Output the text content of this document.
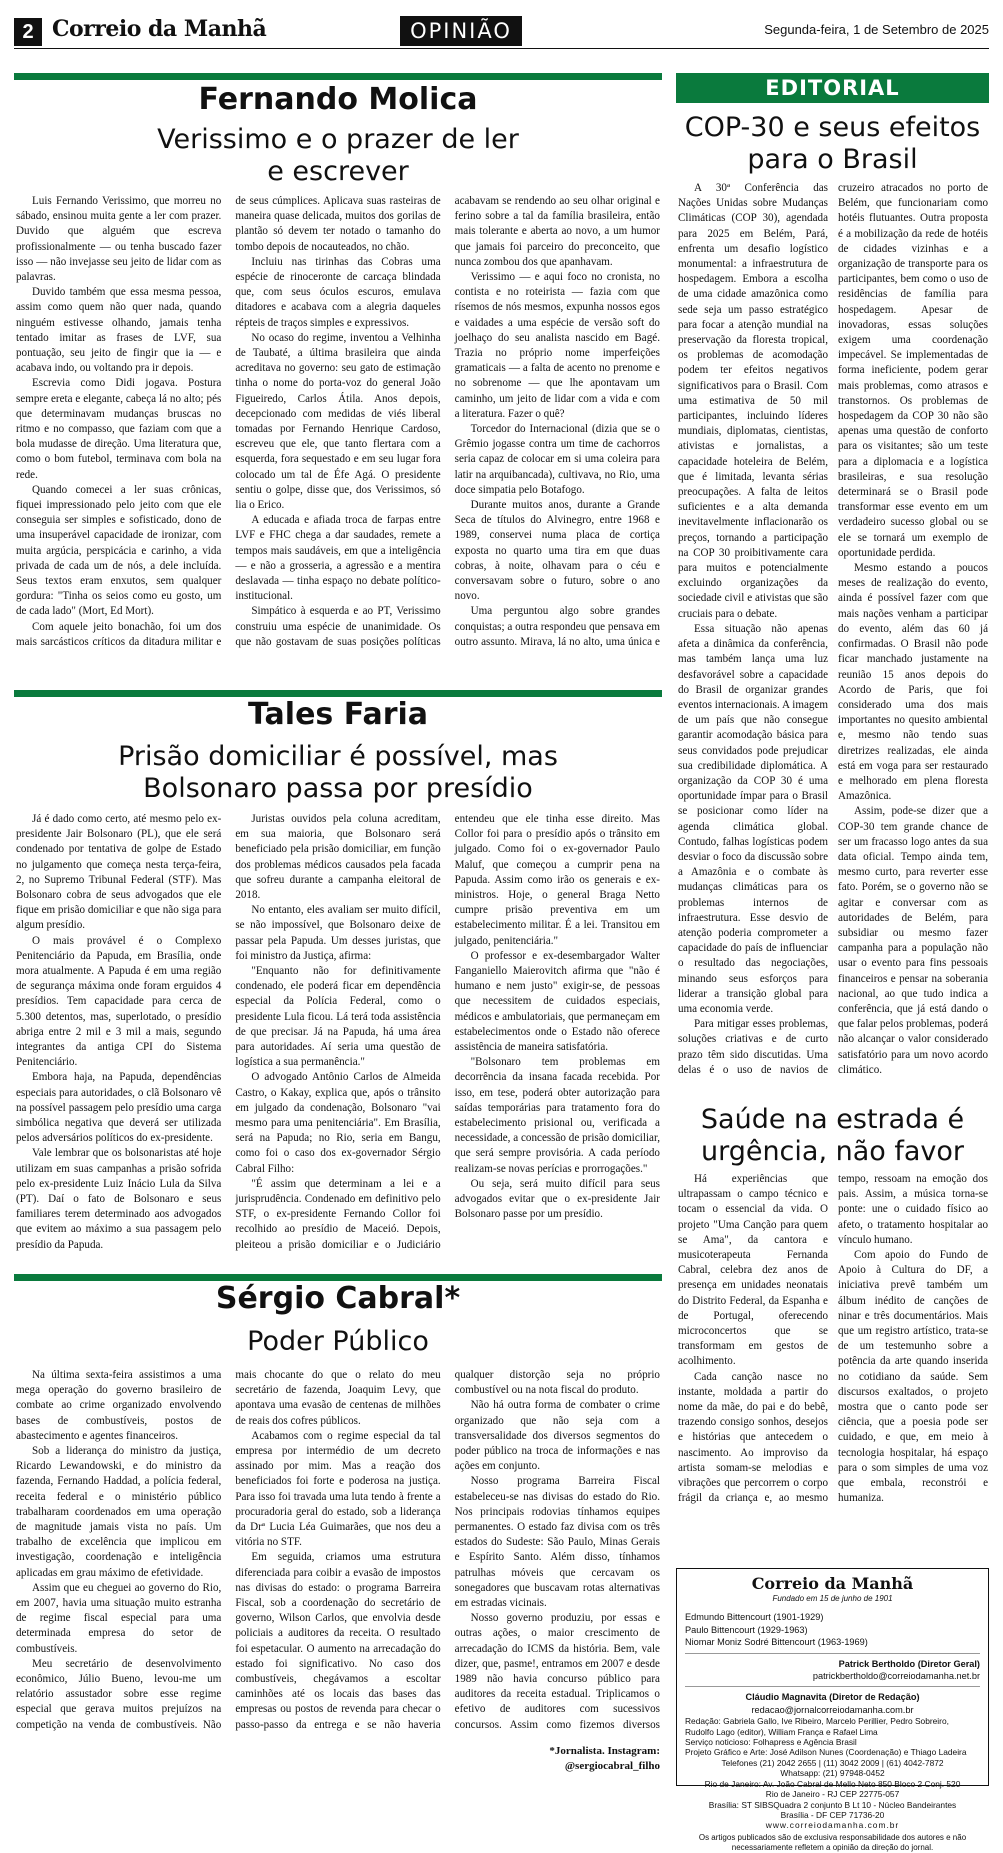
2 Correio da Manhã	OPINIÃO	Segunda-feira, 1 de Setembro de 2025
Fernando Molica
Verissimo e o prazer de ler e escrever

Luis Fernando Verissimo, que morreu no sábado, ensinou muita gente a ler com prazer. Duvido que alguém que escreva profissionalmente — ou tenha buscado fazer isso — não invejasse seu jeito de lidar com as palavras.

Duvido também que essa mesma pessoa, assim como quem não quer nada, quando ninguém estivesse olhando, jamais tenha tentado imitar as frases de LVF, sua pontuação, seu jeito de fingir que ia — e acabava indo, ou voltando pra ir depois.

Escrevia como Didi jogava. Postura sempre ereta e elegante, cabeça lá no alto; pés que determinavam mudanças bruscas no ritmo e no compasso, que faziam com que a bola mudasse de direção. Uma literatura que, como o bom futebol, terminava com bola na rede.

Quando comecei a ler suas crônicas, fiquei impressionado pelo jeito com que ele conseguia ser simples e sofisticado, dono de uma insuperável capacidade de ironizar, com muita argúcia, perspicácia e carinho, a vida privada de cada um de nós, a dele incluída. Seus textos eram enxutos, sem qualquer gordura: "Tinha os seios como eu gosto, um de cada lado" (Mort, Ed Mort).

Com aquele jeito bonachão, foi um dos mais sarcásticos críticos da ditadura militar e de seus cúmplices. Aplicava suas rasteiras de maneira quase delicada, muitos dos gorilas de plantão só devem ter notado o tamanho do tombo depois de nocauteados, no chão.

Incluiu nas tirinhas das Cobras uma espécie de rinoceronte de carcaça blindada que, com seus óculos escuros, emulava ditadores e acabava com a alegria daqueles répteis de traços simples e expressivos.

No ocaso do regime, inventou a Velhinha de Taubaté, a última brasileira que ainda acreditava no governo: seu gato de estimação tinha o nome do porta-voz do general João Figueiredo, Carlos Átila. Anos depois, decepcionado com medidas de viés liberal tomadas por Fernando Henrique Cardoso, escreveu que ele, que tanto flertara com a esquerda, fora sequestado e em seu lugar fora colocado um tal de Éfe Agá. O presidente sentiu o golpe, disse que, dos Verissimos, só lia o Erico.

A educada e afiada troca de farpas entre LVF e FHC chega a dar saudades, remete a tempos mais saudáveis, em que a inteligência — e não a grosseria, a agressão e a mentira deslavada — tinha espaço no debate político-institucional.

Simpático à esquerda e ao PT, Verissimo construiu uma espécie de unanimidade. Os que não gostavam de suas posições políticas acabavam se rendendo ao seu olhar original e ferino sobre a tal da família brasileira, então mais tolerante e aberta ao novo, a um humor que jamais foi parceiro do preconceito, que nunca zombou dos que apanhavam.

Verissimo — e aqui foco no cronista, no contista e no roteirista — fazia com que rísemos de nós mesmos, expunha nossos egos e vaidades a uma espécie de versão soft do joelhaço do seu analista nascido em Bagé. Trazia no próprio nome imperfeições gramaticais — a falta de acento no prenome e no sobrenome — que lhe apontavam um caminho, um jeito de lidar com a vida e com a literatura. Fazer o quê?

Torcedor do Internacional (dizia que se o Grêmio jogasse contra um time de cachorros seria capaz de colocar em si uma coleira para latir na arquibancada), cultivava, no Rio, uma doce simpatia pelo Botafogo.

Durante muitos anos, durante a Grande Seca de títulos do Alvinegro, entre 1968 e 1989, conservei numa placa de cortiça exposta no quarto uma tira em que duas cobras, à noite, olhavam para o céu e conversavam sobre o futuro, sobre o ano novo.

Uma perguntou algo sobre grandes conquistas; a outra respondeu que pensava em outro assunto. Mirava, lá no alto, uma única e

Tales Faria
Prisão domiciliar é possível, mas Bolsonaro passa por presídio

Já é dado como certo, até mesmo pelo ex-presidente Jair Bolsonaro (PL), que ele será condenado por tentativa de golpe de Estado no julgamento que começa nesta terça-feira, 2, no Supremo Tribunal Federal (STF). Mas Bolsonaro cobra de seus advogados que ele fique em prisão domiciliar e que não siga para algum presídio.

O mais provável é o Complexo Penitenciário da Papuda, em Brasília, onde mora atualmente. A Papuda é em uma região de segurança máxima onde foram erguidos 4 presídios. Tem capacidade para cerca de 5.300 detentos, mas, superlotado, o presídio abriga entre 2 mil e 3 mil a mais, segundo integrantes da antiga CPI do Sistema Penitenciário.

Embora haja, na Papuda, dependências especiais para autoridades, o clã Bolsonaro vê na possível passagem pelo presídio uma carga simbólica negativa que deverá ser utilizada pelos adversários políticos do ex-presidente.

Vale lembrar que os bolsonaristas até hoje utilizam em suas campanhas a prisão sofrida pelo ex-presidente Luiz Inácio Lula da Silva (PT). Daí o fato de Bolsonaro e seus familiares terem determinado aos advogados que evitem ao máximo a sua passagem pelo presídio da Papuda.

Juristas ouvidos pela coluna acreditam, em sua maioria, que Bolsonaro será beneficiado pela prisão domiciliar, em função dos problemas médicos causados pela facada que sofreu durante a campanha eleitoral de 2018.

No entanto, eles avaliam ser muito difícil, se não impossível, que Bolsonaro deixe de passar pela Papuda. Um desses juristas, que foi ministro da Justiça, afirma:

"Enquanto não for definitivamente condenado, ele poderá ficar em dependência especial da Polícia Federal, como o presidente Lula ficou. Lá terá toda assistência de que precisar. Já na Papuda, há uma área para autoridades. Aí seria uma questão de logística a sua permanência."

O advogado Antônio Carlos de Almeida Castro, o Kakay, explica que, após o trânsito em julgado da condenação, Bolsonaro "vai mesmo para uma penitenciária". Em Brasília, será na Papuda; no Rio, seria em Bangu, como foi o caso dos ex-governador Sérgio Cabral Filho:

"É assim que determinam a lei e a jurisprudência. Condenado em definitivo pelo STF, o ex-presidente Fernando Collor foi recolhido ao presídio de Maceió. Depois, pleiteou a prisão domiciliar e o Judiciário entendeu que ele tinha esse direito. Mas Collor foi para o presídio após o trânsito em julgado. Como foi o ex-governador Paulo Maluf, que começou a cumprir pena na Papuda. Assim como irão os generais e ex-ministros. Hoje, o general Braga Netto cumpre prisão preventiva em um estabelecimento militar. É a lei. Transitou em julgado, penitenciária."

O professor e ex-desembargador Walter Fanganiello Maierovitch afirma que "não é humano e nem justo" exigir-se, de pessoas que necessitem de cuidados especiais, médicos e ambulatoriais, que permaneçam em estabelecimentos onde o Estado não oferece assistência de maneira satisfatória.

"Bolsonaro tem problemas em decorrência da insana facada recebida. Por isso, em tese, poderá obter autorização para saídas temporárias para tratamento fora do estabelecimento prisional ou, verificada a necessidade, a concessão de prisão domiciliar, que será sempre provisória. A cada período realizam-se novas perícias e prorrogações."

Ou seja, será muito difícil para seus advogados evitar que o ex-presidente Jair Bolsonaro passe por um presídio.

Sérgio Cabral*
Poder Público

Na última sexta-feira assistimos a uma mega operação do governo brasileiro de combate ao crime organizado envolvendo bases de combustíveis, postos de abastecimento e agentes financeiros.

Sob a liderança do ministro da justiça, Ricardo Lewandowski, e do ministro da fazenda, Fernando Haddad, a polícia federal, receita federal e o ministério público trabalharam coordenados em uma operação de magnitude jamais vista no país. Um trabalho de excelência que implicou em investigação, coordenação e inteligência aplicadas em grau máximo de efetividade.

Assim que eu cheguei ao governo do Rio, em 2007, havia uma situação muito estranha de regime fiscal especial para uma determinada empresa do setor de combustíveis.

Meu secretário de desenvolvimento econômico, Júlio Bueno, levou-me um relatório assustador sobre esse regime especial que gerava muitos prejuízos na competição na venda de combustíveis. Não mais chocante do que o relato do meu secretário de fazenda, Joaquim Levy, que apontava uma evasão de centenas de milhões de reais dos cofres públicos.

Acabamos com o regime especial da tal empresa por intermédio de um decreto assinado por mim. Mas a reação dos beneficiados foi forte e poderosa na justiça. Para isso foi travada uma luta tendo à frente a procuradoria geral do estado, sob a liderança da Drª Lucia Léa Guimarães, que nos deu a vitória no STF.

Em seguida, criamos uma estrutura diferenciada para coibir a evasão de impostos nas divisas do estado: o programa Barreira Fiscal, sob a coordenação do secretário de governo, Wilson Carlos, que envolvia desde policiais a auditores da receita. O resultado foi espetacular. O aumento na arrecadação do estado foi significativo. No caso dos combustíveis, chegávamos a escoltar caminhões até os locais das bases das empresas ou postos de revenda para checar o passo-passo da entrega e se não haveria qualquer distorção seja no próprio combustível ou na nota fiscal do produto.

Não há outra forma de combater o crime organizado que não seja com a transversalidade dos diversos segmentos do poder público na troca de informações e nas ações em conjunto.

Nosso programa Barreira Fiscal estabeleceu-se nas divisas do estado do Rio. Nos principais rodovias tínhamos equipes permanentes. O estado faz divisa com os três estados do Sudeste: São Paulo, Minas Gerais e Espírito Santo. Além disso, tínhamos patrulhas móveis que cercavam os sonegadores que buscavam rotas alternativas em estradas vicinais.

Nosso governo produziu, por essas e outras ações, o maior crescimento de arrecadação do ICMS da história. Bem, vale dizer, que, pasme!, entramos em 2007 e desde 1989 não havia concurso público para auditores da receita estadual. Triplicamos o efetivo de auditores com sucessivos concursos. Assim como fizemos diversos

*Jornalista. Instagram:
@sergiocabral_filho
EDITORIAL
COP-30 e seus efeitos para o Brasil

A 30ª Conferência das Nações Unidas sobre Mudanças Climáticas (COP 30), agendada para 2025 em Belém, Pará, enfrenta um desafio logístico monumental: a infraestrutura de hospedagem. Embora a escolha de uma cidade amazônica como sede seja um passo estratégico para focar a atenção mundial na preservação da floresta tropical, os problemas de acomodação podem ter efeitos negativos significativos para o Brasil. Com uma estimativa de 50 mil participantes, incluindo líderes mundiais, diplomatas, cientistas, ativistas e jornalistas, a capacidade hoteleira de Belém, que é limitada, levanta sérias preocupações. A falta de leitos suficientes e a alta demanda inevitavelmente inflacionarão os preços, tornando a participação na COP 30 proibitivamente cara para muitos e potencialmente excluindo organizações da sociedade civil e ativistas que são cruciais para o debate.

Essa situação não apenas afeta a dinâmica da conferência, mas também lança uma luz desfavorável sobre a capacidade do Brasil de organizar grandes eventos internacionais. A imagem de um país que não consegue garantir acomodação básica para seus convidados pode prejudicar sua credibilidade diplomática. A organização da COP 30 é uma oportunidade ímpar para o Brasil se posicionar como líder na agenda climática global. Contudo, falhas logísticas podem desviar o foco da discussão sobre a Amazônia e o combate às mudanças climáticas para os problemas internos de infraestrutura. Esse desvio de atenção poderia comprometer a capacidade do país de influenciar o resultado das negociações, minando seus esforços para liderar a transição global para uma economia verde.

Para mitigar esses problemas, soluções criativas e de curto prazo têm sido discutidas. Uma delas é o uso de navios de cruzeiro atracados no porto de Belém, que funcionariam como hotéis flutuantes. Outra proposta é a mobilização da rede de hotéis de cidades vizinhas e a organização de transporte para os participantes, bem como o uso de residências de família para hospedagem. Apesar de inovadoras, essas soluções exigem uma coordenação impecável. Se implementadas de forma ineficiente, podem gerar mais problemas, como atrasos e transtornos. Os problemas de hospedagem da COP 30 não são apenas uma questão de conforto para os visitantes; são um teste para a diplomacia e a logística brasileiras, e sua resolução determinará se o Brasil pode transformar esse evento em um verdadeiro sucesso global ou se ele se tornará um exemplo de oportunidade perdida.

Mesmo estando a poucos meses de realização do evento, ainda é possível fazer com que mais nações venham a participar do evento, além das 60 já confirmadas. O Brasil não pode ficar manchado justamente na reunião 15 anos depois do Acordo de Paris, que foi considerado uma dos mais importantes no quesito ambiental e, mesmo não tendo suas diretrizes realizadas, ele ainda está em voga para ser restaurado e melhorado em plena floresta Amazônica.

Assim, pode-se dizer que a COP-30 tem grande chance de ser um fracasso logo antes da sua data oficial. Tempo ainda tem, mesmo curto, para reverter esse fato. Porém, se o governo não se agitar e conversar com as autoridades de Belém, para subsidiar ou mesmo fazer campanha para a população não usar o evento para fins pessoais financeiros e pensar na soberania nacional, ao que tudo indica a conferência, que já está dando o que falar pelos problemas, poderá não alcançar o valor considerado satisfatório para um novo acordo climático.

Saúde na estrada é urgência, não favor

Há experiências que ultrapassam o campo técnico e tocam o essencial da vida. O projeto "Uma Canção para quem se Ama", da cantora e musicoterapeuta Fernanda Cabral, celebra dez anos de presença em unidades neonatais do Distrito Federal, da Espanha e de Portugal, oferecendo microconcertos que se transformam em gestos de acolhimento.

Cada canção nasce no instante, moldada a partir do nome da mãe, do pai e do bebê, trazendo consigo sonhos, desejos e histórias que antecedem o nascimento. Ao improviso da artista somam-se melodias e vibrações que percorrem o corpo frágil da criança e, ao mesmo tempo, ressoam na emoção dos pais. Assim, a música torna-se ponte: une o cuidado físico ao afeto, o tratamento hospitalar ao vínculo humano.

Com apoio do Fundo de Apoio à Cultura do DF, a iniciativa prevê também um álbum inédito de canções de ninar e três documentários. Mais que um registro artístico, trata-se de um testemunho sobre a potência da arte quando inserida no cotidiano da saúde. Sem discursos exaltados, o projeto mostra que o canto pode ser ciência, que a poesia pode ser cuidado, e que, em meio à tecnologia hospitalar, há espaço para o som simples de uma voz que embala, reconstrói e humaniza.

Correio da Manhã
Fundado em 15 de junho de 1901
Edmundo Bittencourt (1901-1929)
Paulo Bittencourt (1929-1963)
Niomar Moniz Sodré Bittencourt (1963-1969)
Patrick Bertholdo (Diretor Geral)
patrickbertholdo@correiodamanha.net.br
Cláudio Magnavita (Diretor de Redação)
redacao@jornalcorreiodamanha.com.br
Redação: Gabriela Gallo, Ive Ribeiro, Marcelo Perillier, Pedro Sobreiro, Rudolfo Lago (editor), William França e Rafael Lima
Serviço noticioso: Folhapress e Agência Brasil
Projeto Gráfico e Arte: José Adilson Nunes (Coordenação) e Thiago Ladeira
Telefones (21) 2042 2655 | (11) 3042 2009 | (61) 4042-7872
Whatsapp: (21) 97948-0452
Rio de Janeiro: Av. João Cabral de Mello Neto 850 Bloco 2 Conj. 520
Rio de Janeiro - RJ CEP 22775-057
Brasília: ST SIBSQuadra 2 conjunto B Lt 10 - Núcleo Bandeirantes
Brasília - DF CEP 71736-20
www.correiodamanha.com.br
Os artigos publicados são de exclusiva responsabilidade dos autores e não necessariamente refletem a opinião da direção do jornal.
